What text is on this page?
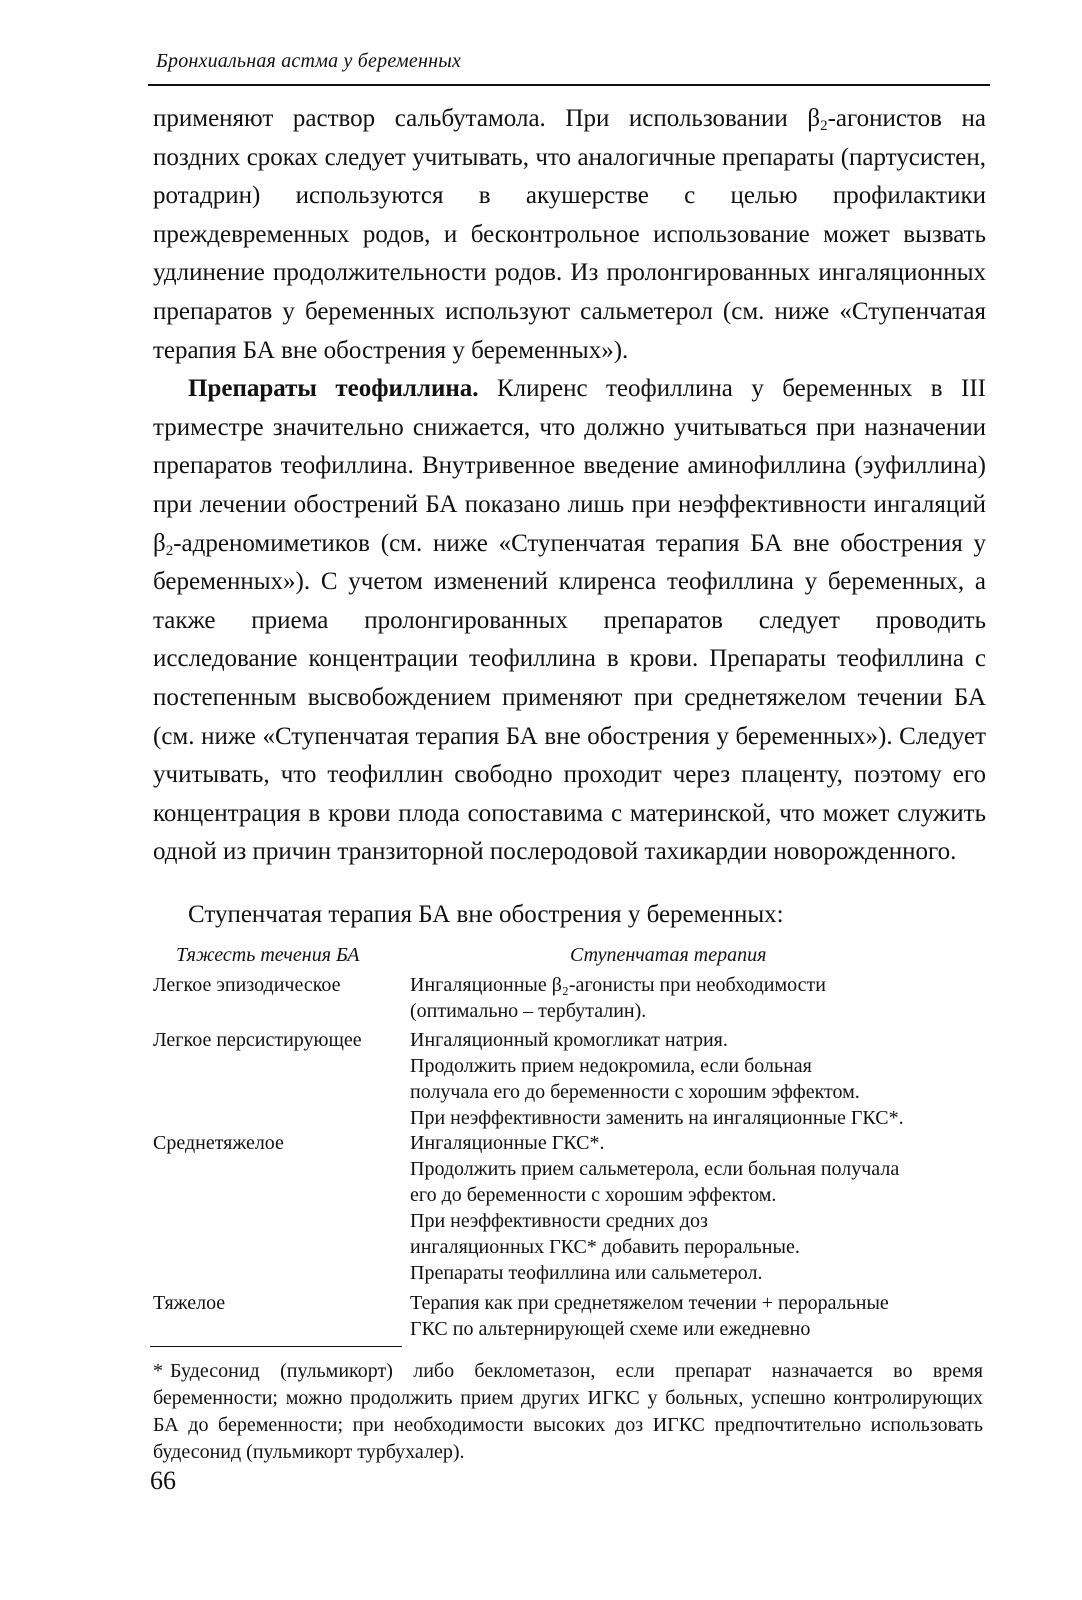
Бронхиальная астма у беременных

применяют раствор сальбутамола. При использовании $\beta_2$-агонистов на поздних сроках следует учитывать, что аналогичные препараты (партусистен, ротадрин) используются в акушерстве с целью профилактики преждевременных родов, и бесконтрольное использование может вызвать удлинение продолжительности родов. Из пролонгированных ингаляционных препаратов у беременных используют сальметерол (см. ниже «Ступенчатая терапия БА вне обострения у беременных»).

Препараты теофиллина. Клиренс теофиллина у беременных в III триместре значительно снижается, что должно учитываться при назначении препаратов теофиллина. Внутривенное введение аминофиллина (эуфиллина) при лечении обострений БА показано лишь при неэффективности ингаляций $\beta_2$-адреномиметиков (см. ниже «Ступенчатая терапия БА вне обострения у беременных»). С учетом изменений клиренса теофиллина у беременных, а также приема пролонгированных препаратов следует проводить исследование концентрации теофиллина в крови. Препараты теофиллина с постепенным высвобождением применяют при среднетяжелом течении БА (см. ниже «Ступенчатая терапия БА вне обострения у беременных»). Следует учитывать, что теофиллин свободно проходит через плаценту, поэтому его концентрация в крови плода сопоставима с материнской, что может служить одной из причин транзиторной послеродовой тахикардии новорожденного.

Ступенчатая терапия БА вне обострения у беременных:
Тяжесть течения БА	Ступенчатая терапия
Легкое эпизодическое	Ингаляционные β₂-агонисты при необходимости
(оптимально – тербуталин).
Легкое персистирующее Ингаляционный кромогликат натрия.
Продолжить прием недокромила, если больная
получала его до беременности с хорошим эффектом.
При неэффективности заменить на ингаляционные ГКС*.
Среднетяжелое	Ингаляционные ГКС*.
Продолжить прием сальметерола, если больная получала
его до беременности с хорошим эффектом.
При неэффективности средних доз
ингаляционных ГКС* добавить пероральные.
Препараты теофиллина или сальметерол.
Тяжелое	Терапия как при среднетяжелом течении + пероральные
ГКС по альтернирующей схеме или ежедневно
* Будесонид (пульмикорт) либо беклометазон, если препарат назначается во время беременности; можно продолжить прием других ИГКС у больных, успешно контролирующих БА до беременности; при необходимости высоких доз ИГКС предпочтительно использовать будесонид (пульмикорт турбухалер).
66
